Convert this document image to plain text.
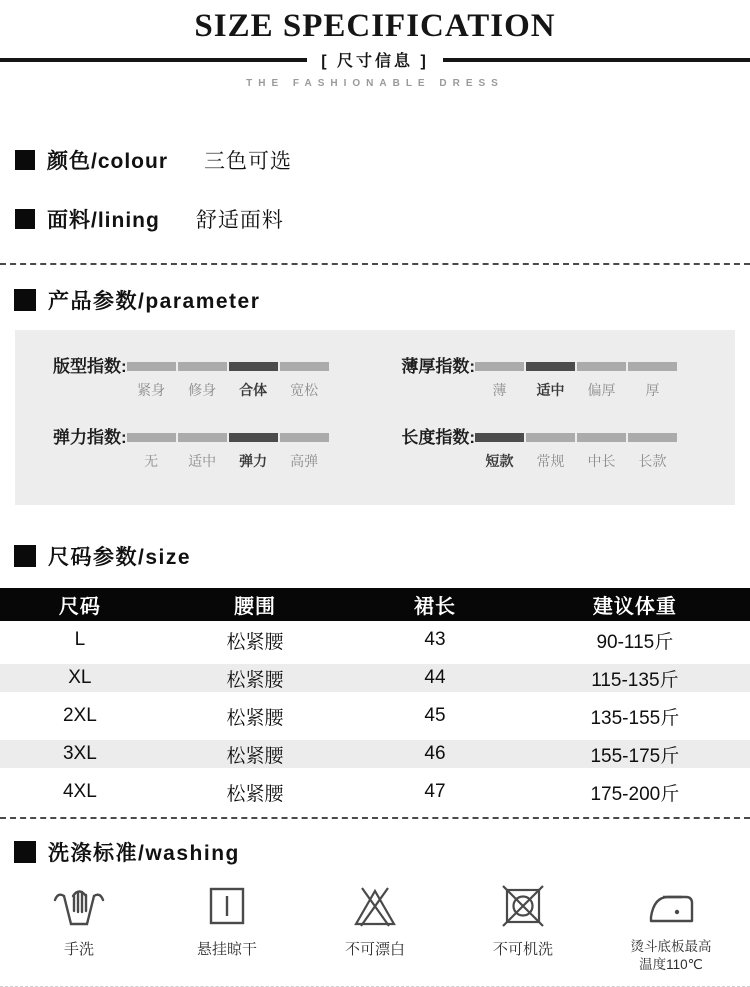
SIZE SPECIFICATION
[ 尺寸信息 ]
THE FASHIONABLE DRESS
颜色/colour 三色可选
面料/lining 舒适面料
产品参数/parameter
版型指数:
紧身	修身	合体	宽松
薄厚指数:
薄	适中	偏厚	厚
弹力指数:
无	适中	弹力	高弹
长度指数:
短款	常规	中长	长款
尺码参数/size
尺码	腰围	裙长	建议体重
L	松紧腰	43	90-115斤
XL	松紧腰	44	115-135斤
2XL	松紧腰	45	135-155斤
3XL	松紧腰	46	155-175斤
4XL	松紧腰	47	175-200斤
洗涤标准/washing
手洗	悬挂晾干	不可漂白	不可机洗	烫斗底板最高
温度110℃
